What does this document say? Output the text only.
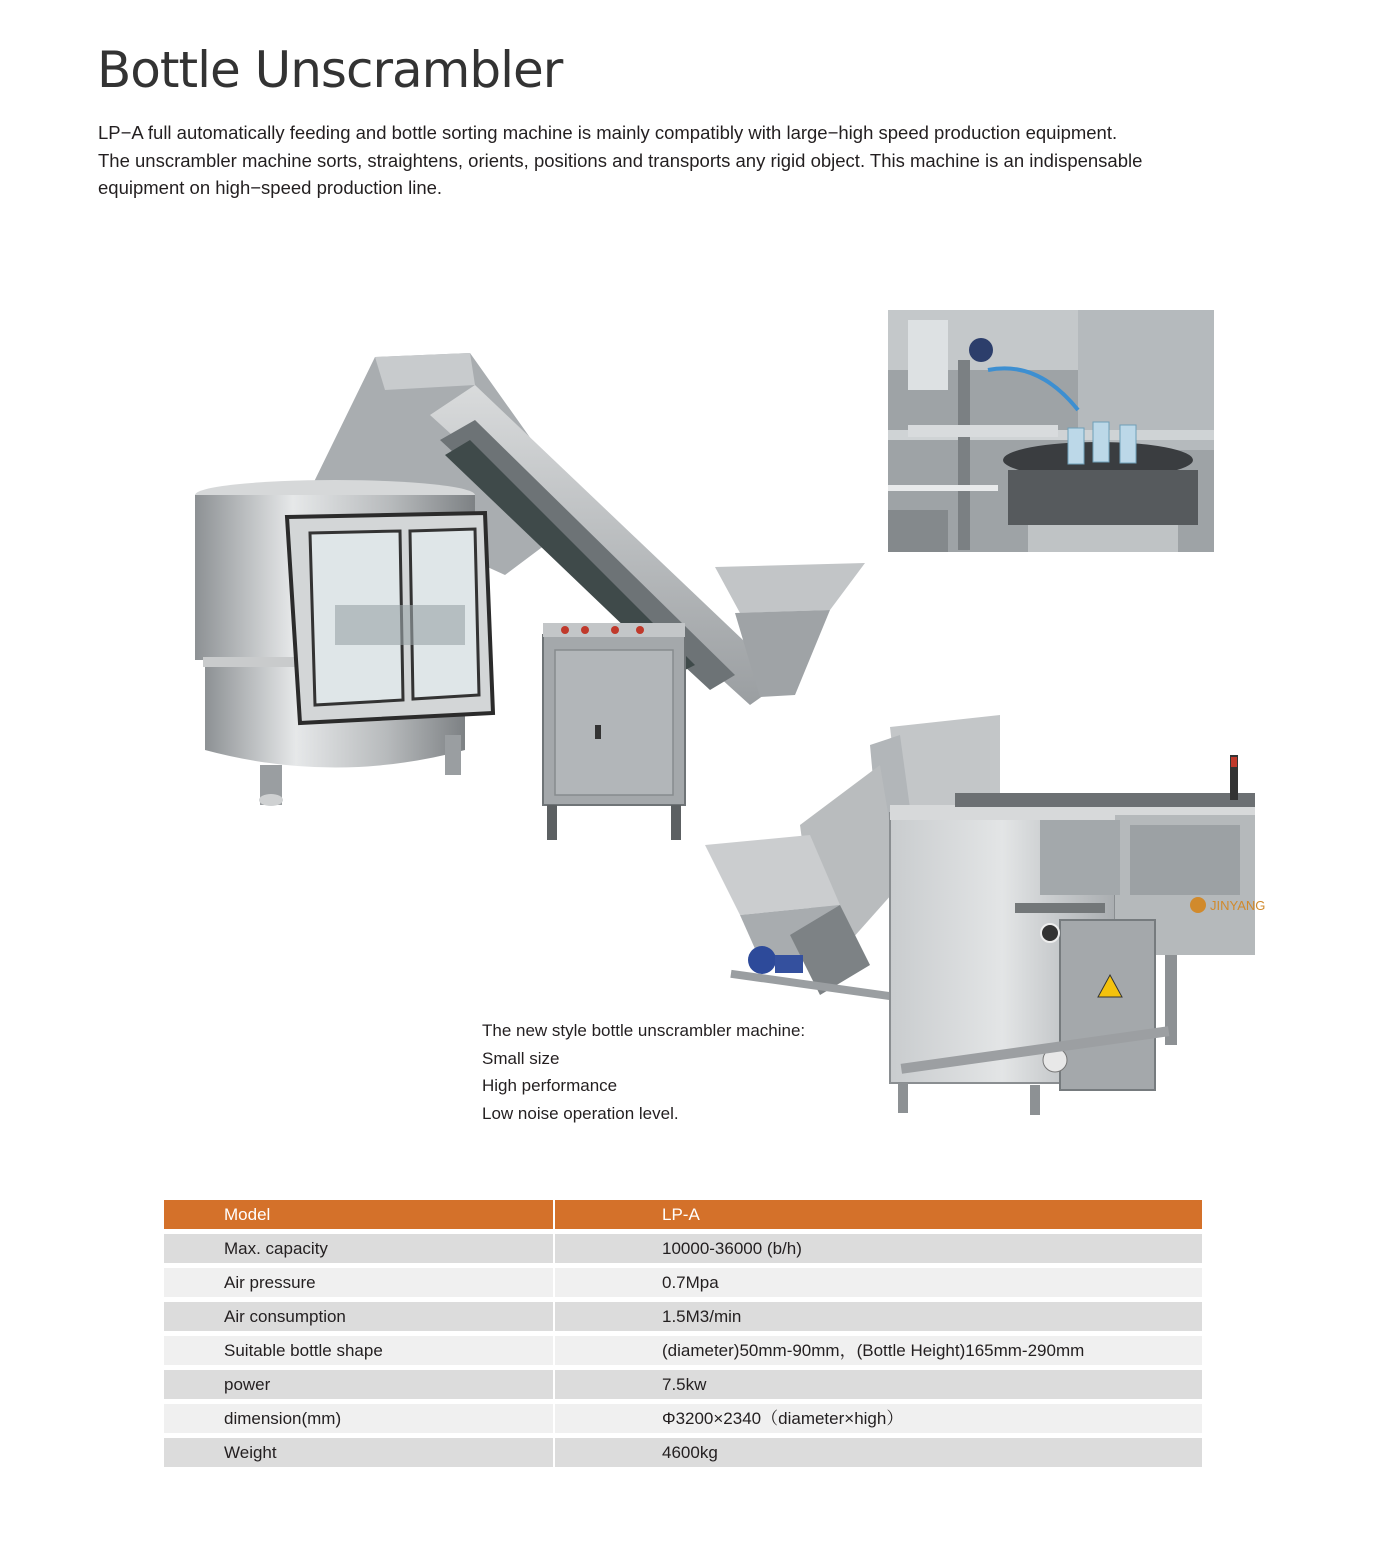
Bottle Unscrambler

LP−A full automatically feeding and bottle sorting machine is mainly compatibly with large−high speed production equipment.

The unscrambler machine sorts, straightens, orients, positions and transports any rigid object. This machine is an indispensable

equipment on high−speed production line.

JINYANG
The new style bottle unscrambler machine:
Small size
High performance
Low noise operation level.
Model	LP-A
Max. capacity	10000-36000 (b/h)
Air pressure	0.7Mpa
Air consumption	1.5M3/min
Suitable bottle shape	(diameter)50mm-90mm，(Bottle Height)165mm-290mm
power	7.5kw
dimension(mm)	Φ3200×2340（diameter×high）
Weight	4600kg
